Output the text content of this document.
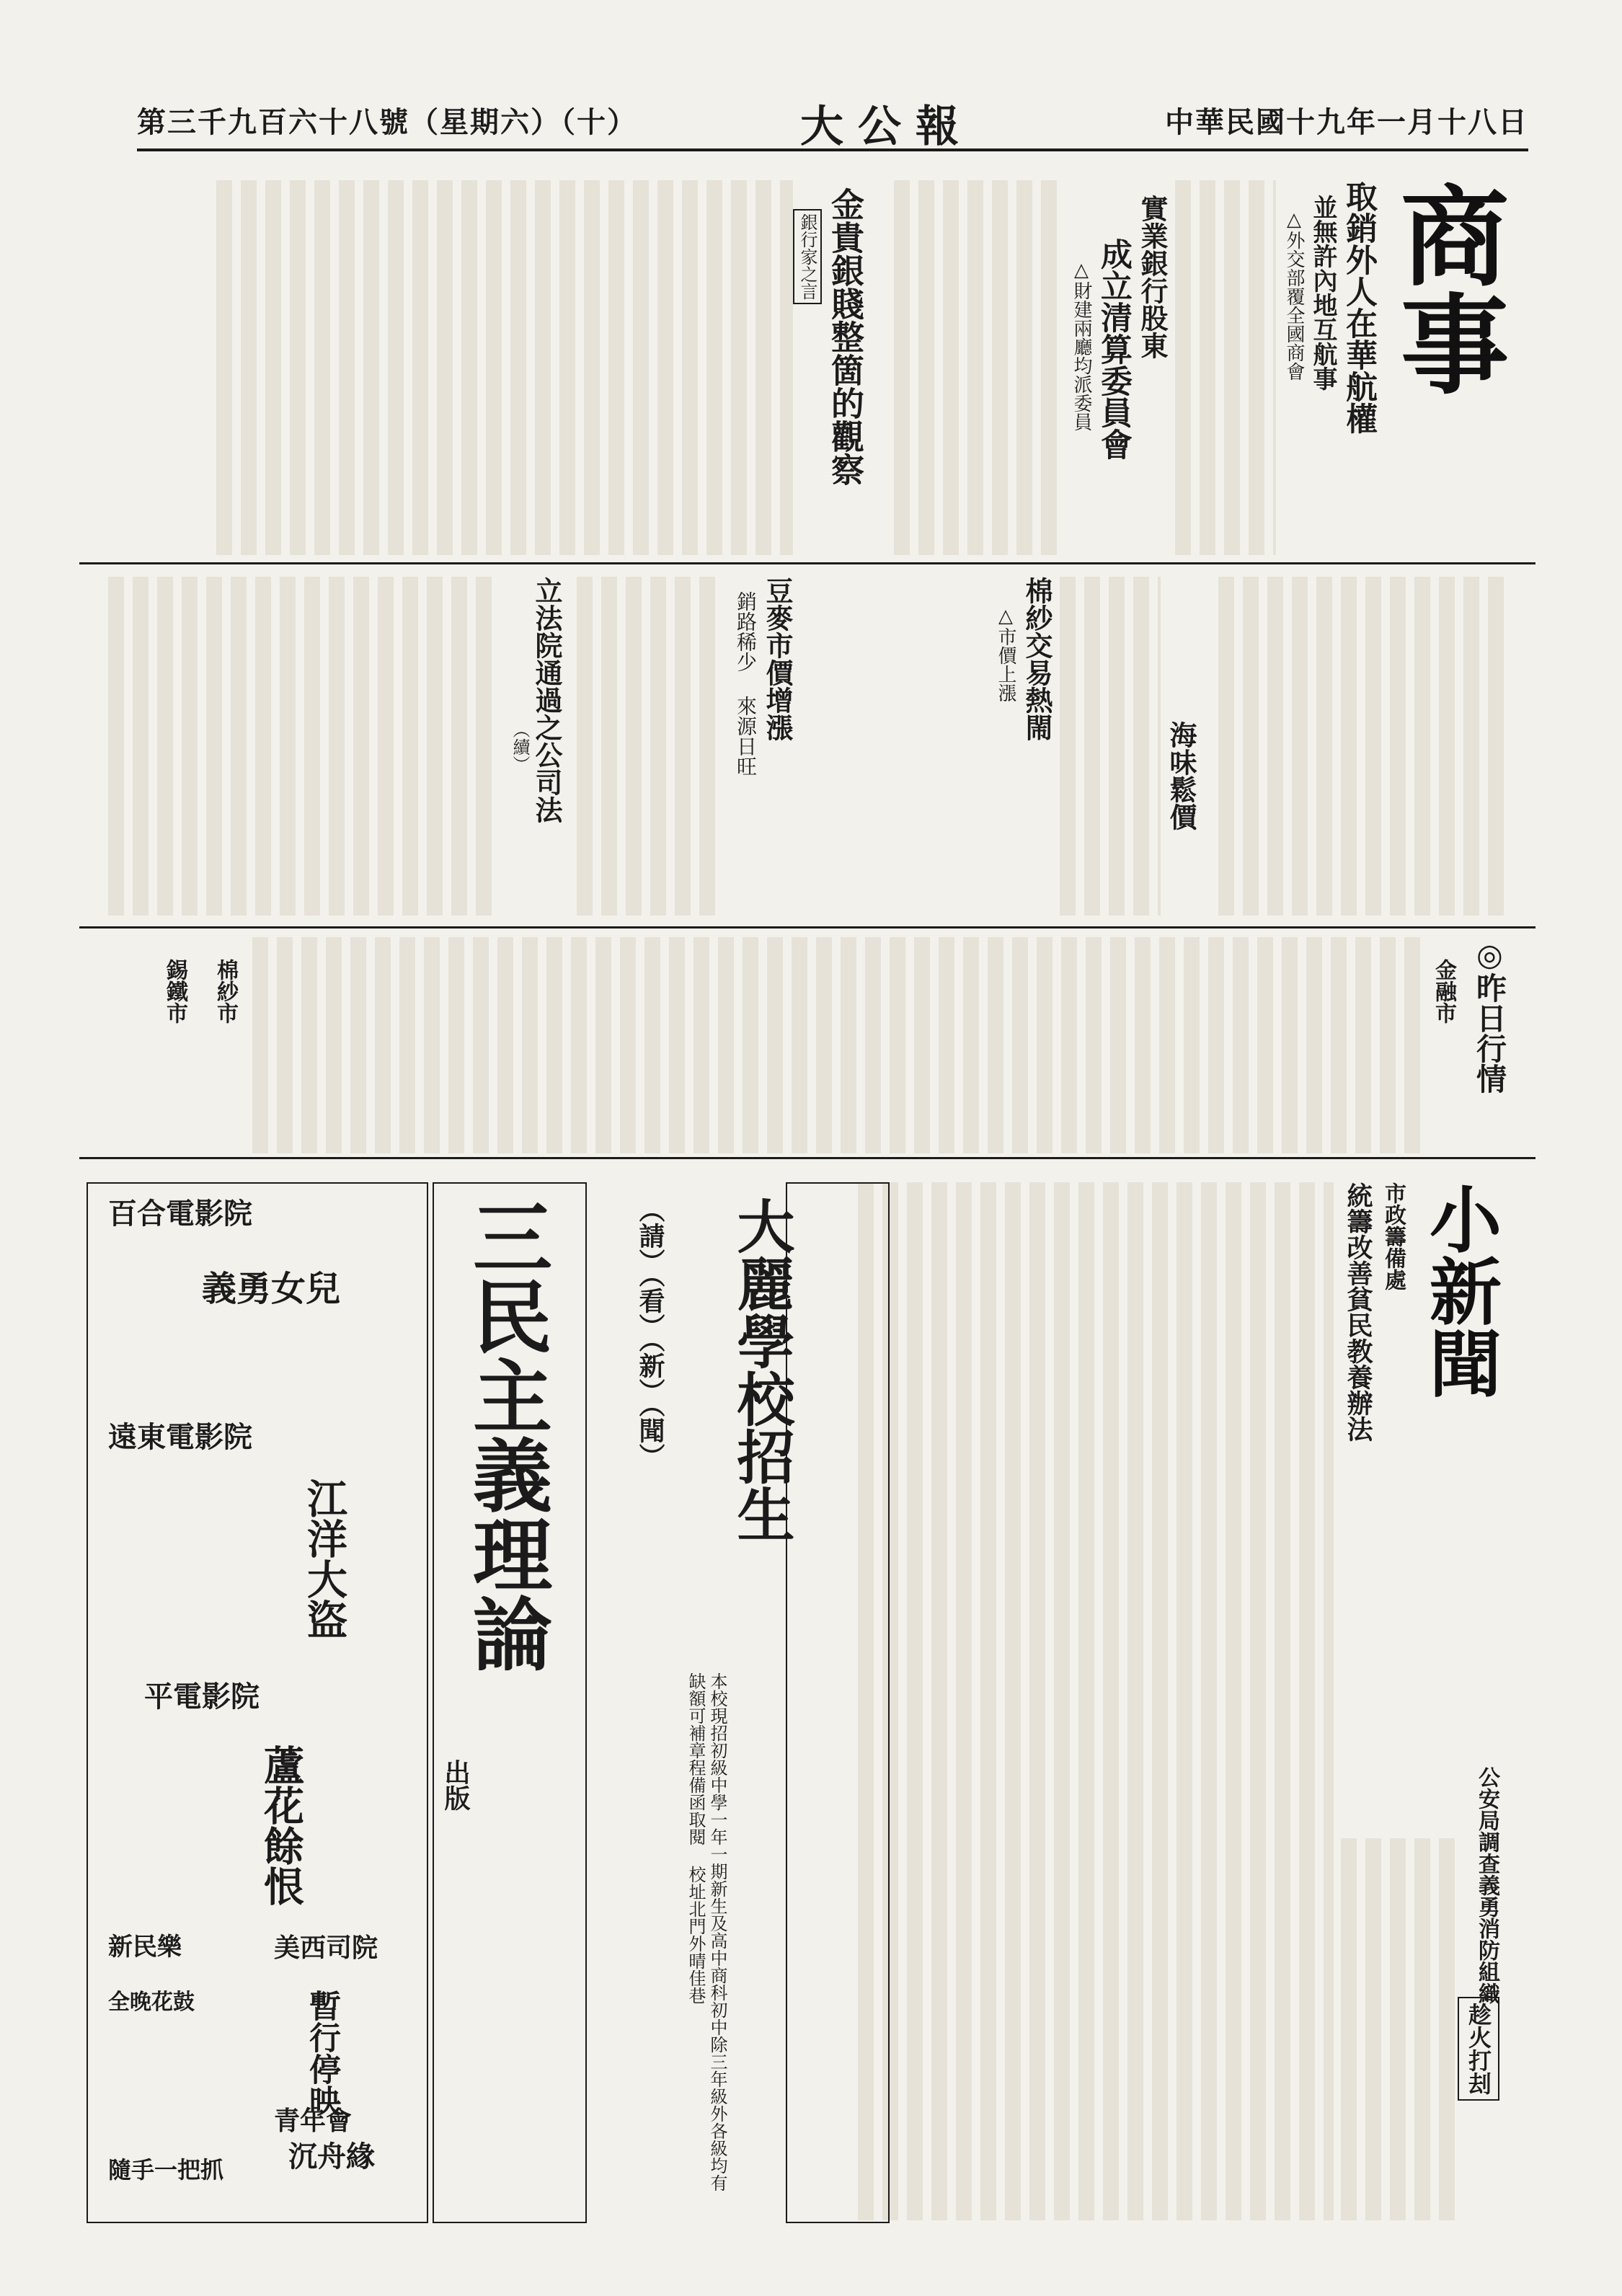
第三千九百六十八號（星期六）（十）	大公報	中華民國十九年一月十八日
商事
取銷外人在華航權
並無許內地互航事
△外交部覆全國商會
實業銀行股東
成立清算委員會
△財建兩廳均派委員
金貴銀賤整箇的觀察
銀行家之言
豆麥市價增漲
銷路稀少 來源日旺	棉紗交易熱閙
△市價上漲
海味鬆價
立法院通過之公司法
（續）
◎昨日行情
金融市
棉紗市
錫鐵市
小新聞
市政籌備處
統籌改善貧民教養辦法
公安局調查義勇消防組織
趁火打刦
大麗學校招生
本校現招初級中學一年一期新生及高中商科初中除三年級外各級均有缺額可補章程備函取閱 校址北門外晴佳巷
（請）（看）（新）（聞）
三民主義理論
出版
百合電影院
義勇女兒
遠東電影院
江洋大盜
平電影院
蘆花餘恨
美西司院
暫行停映
青年會
沉舟緣
新民樂
全晚花鼓
隨手一把抓
